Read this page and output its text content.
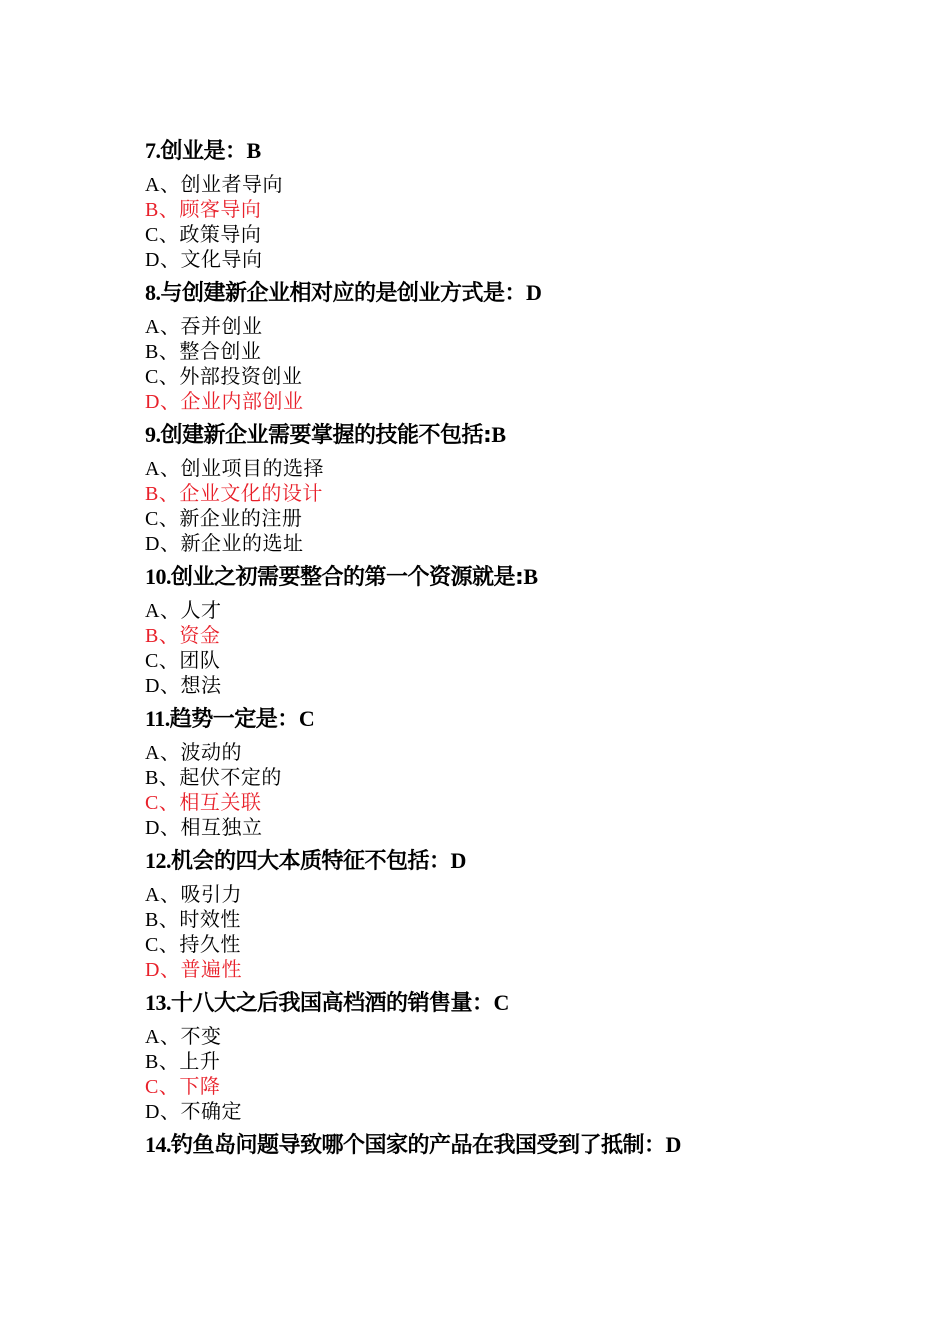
7.创业是：B
A、创业者导向
B、顾客导向
C、政策导向
D、文化导向
8.与创建新企业相对应的是创业方式是：D
A、吞并创业
B、整合创业
C、外部投资创业
D、企业内部创业
9.创建新企业需要掌握的技能不包括:B
A、创业项目的选择
B、企业文化的设计
C、新企业的注册
D、新企业的选址
10.创业之初需要整合的第一个资源就是:B
A、人才
B、资金
C、团队
D、想法
11.趋势一定是：C
A、波动的
B、起伏不定的
C、相互关联
D、相互独立
12.机会的四大本质特征不包括：D
A、吸引力
B、时效性
C、持久性
D、普遍性
13.十八大之后我国高档酒的销售量：C
A、不变
B、上升
C、下降
D、不确定
14.钓鱼岛问题导致哪个国家的产品在我国受到了抵制：D
